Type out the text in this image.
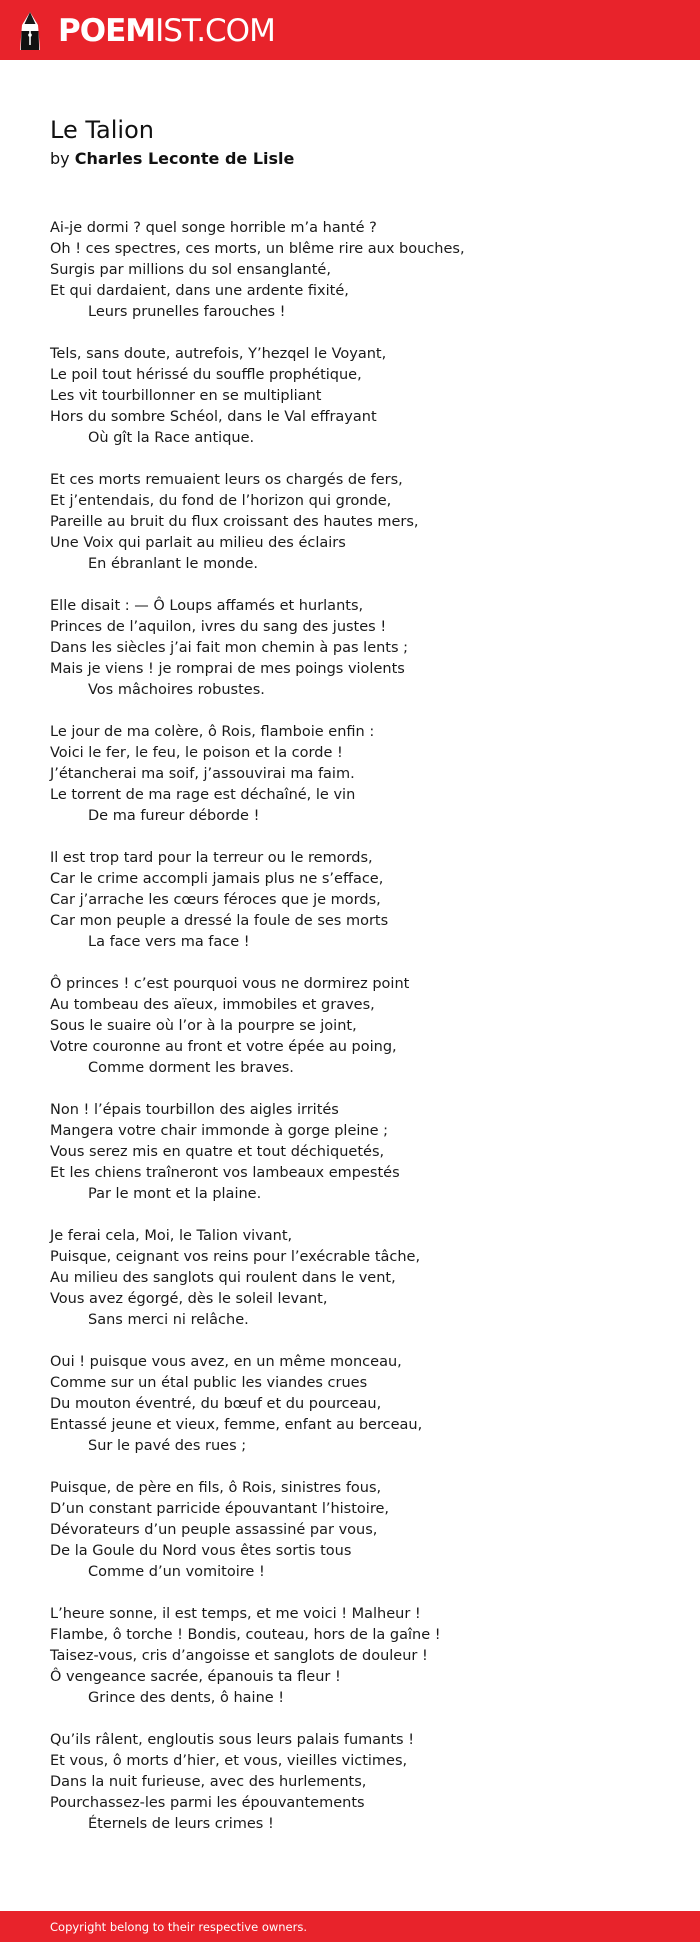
POEMIST.COM
Le Talion
by Charles Leconte de Lisle
Ai-je dormi ? quel songe horrible m’a hanté ?
Oh ! ces spectres, ces morts, un blême rire aux bouches,
Surgis par millions du sol ensanglanté,
Et qui dardaient, dans une ardente fixité,
Leurs prunelles farouches !
Tels, sans doute, autrefois, Y’hezqel le Voyant,
Le poil tout hérissé du souffle prophétique,
Les vit tourbillonner en se multipliant
Hors du sombre Schéol, dans le Val effrayant
Où gît la Race antique.
Et ces morts remuaient leurs os chargés de fers,
Et j’entendais, du fond de l’horizon qui gronde,
Pareille au bruit du flux croissant des hautes mers,
Une Voix qui parlait au milieu des éclairs
En ébranlant le monde.
Elle disait : — Ô Loups affamés et hurlants,
Princes de l’aquilon, ivres du sang des justes !
Dans les siècles j’ai fait mon chemin à pas lents ;
Mais je viens ! je romprai de mes poings violents
Vos mâchoires robustes.
Le jour de ma colère, ô Rois, flamboie enfin :
Voici le fer, le feu, le poison et la corde !
J’étancherai ma soif, j’assouvirai ma faim.
Le torrent de ma rage est déchaîné, le vin
De ma fureur déborde !
Il est trop tard pour la terreur ou le remords,
Car le crime accompli jamais plus ne s’efface,
Car j’arrache les cœurs féroces que je mords,
Car mon peuple a dressé la foule de ses morts
La face vers ma face !
Ô princes ! c’est pourquoi vous ne dormirez point
Au tombeau des aïeux, immobiles et graves,
Sous le suaire où l’or à la pourpre se joint,
Votre couronne au front et votre épée au poing,
Comme dorment les braves.
Non ! l’épais tourbillon des aigles irrités
Mangera votre chair immonde à gorge pleine ;
Vous serez mis en quatre et tout déchiquetés,
Et les chiens traîneront vos lambeaux empestés
Par le mont et la plaine.
Je ferai cela, Moi, le Talion vivant,
Puisque, ceignant vos reins pour l’exécrable tâche,
Au milieu des sanglots qui roulent dans le vent,
Vous avez égorgé, dès le soleil levant,
Sans merci ni relâche.
Oui ! puisque vous avez, en un même monceau,
Comme sur un étal public les viandes crues
Du mouton éventré, du bœuf et du pourceau,
Entassé jeune et vieux, femme, enfant au berceau,
Sur le pavé des rues ;
Puisque, de père en fils, ô Rois, sinistres fous,
D’un constant parricide épouvantant l’histoire,
Dévorateurs d’un peuple assassiné par vous,
De la Goule du Nord vous êtes sortis tous
Comme d’un vomitoire !
L’heure sonne, il est temps, et me voici ! Malheur !
Flambe, ô torche ! Bondis, couteau, hors de la gaîne !
Taisez-vous, cris d’angoisse et sanglots de douleur !
Ô vengeance sacrée, épanouis ta fleur !
Grince des dents, ô haine !
Qu’ils râlent, engloutis sous leurs palais fumants !
Et vous, ô morts d’hier, et vous, vieilles victimes,
Dans la nuit furieuse, avec des hurlements,
Pourchassez-les parmi les épouvantements
Éternels de leurs crimes !
Copyright belong to their respective owners.
